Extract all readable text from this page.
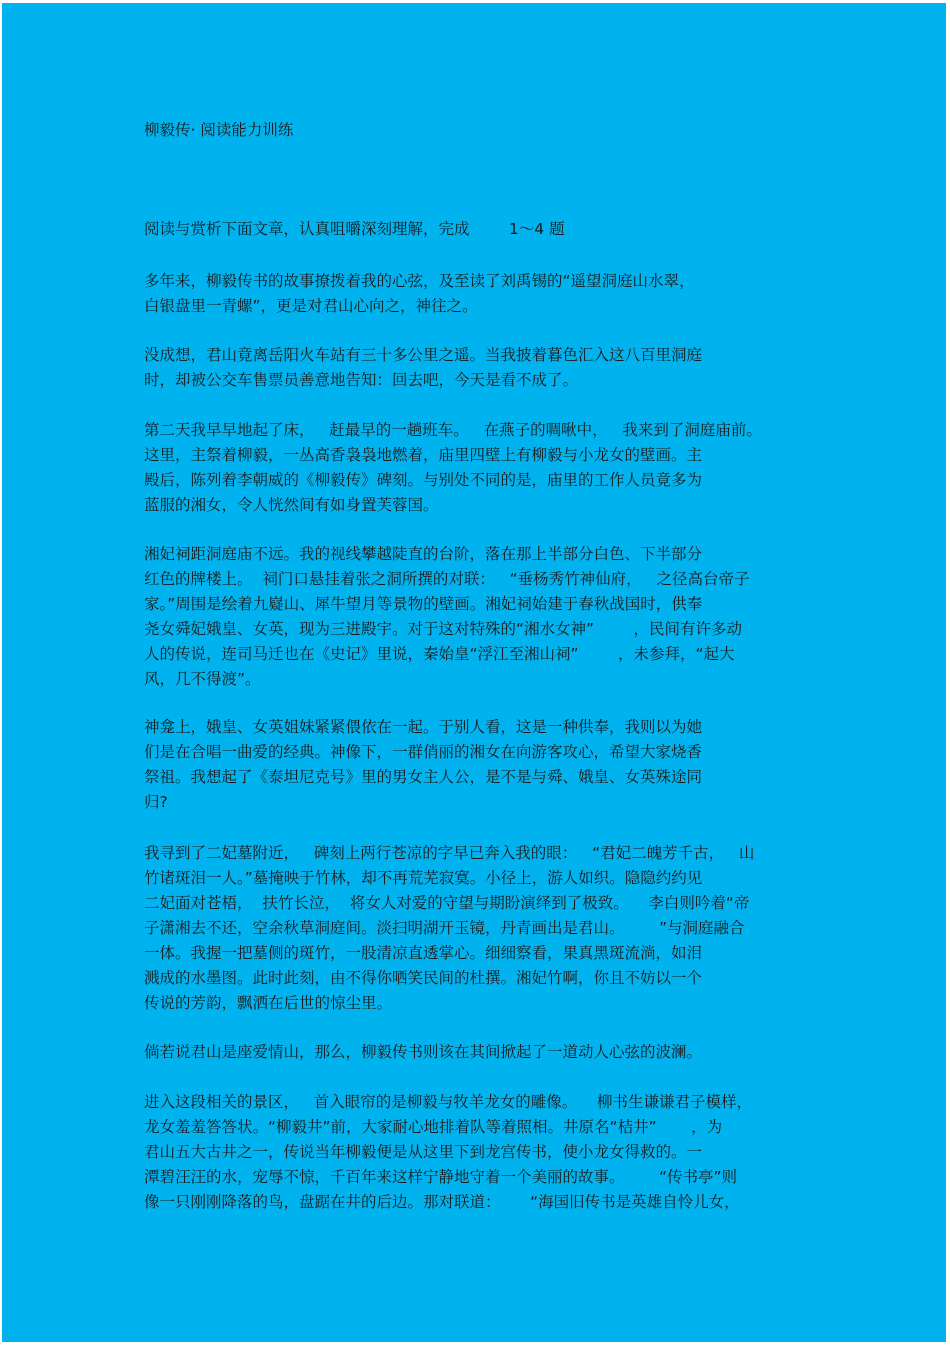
柳毅传· 阅读能力训练
阅读与赏析下面文章，认真咀嚼深刻理解，完成        1～4 题
多年来，柳毅传书的故事撩拨着我的心弦，及至读了刘禹锡的“遥望洞庭山水翠，
白银盘里一青螺”，更是对君山心向之，神往之。
没成想，君山竟离岳阳火车站有三十多公里之遥。当我披着暮色汇入这八百里洞庭
时，却被公交车售票员善意地告知：回去吧，今天是看不成了。
第二天我早早地起了床，   赶最早的一趟班车。   在燕子的啁啾中，   我来到了洞庭庙前。
这里，主祭着柳毅，一丛高香袅袅地燃着，庙里四壁上有柳毅与小龙女的壁画。主
殿后，陈列着李朝威的《柳毅传》碑刻。与别处不同的是，庙里的工作人员竟多为
蓝服的湘女，令人恍然间有如身置芙蓉国。
湘妃祠距洞庭庙不远。我的视线攀越陡直的台阶，落在那上半部分白色、下半部分
红色的牌楼上。  祠门口悬挂着张之洞所撰的对联：   “垂杨秀竹神仙府，   之径高台帝子
家。”周围是绘着九嶷山、犀牛望月等景物的壁画。湘妃祠始建于春秋战国时，供奉
尧女舜妃娥皇、女英，现为三进殿宇。对于这对特殊的“湘水女神”        ，民间有许多动
人的传说，连司马迁也在《史记》里说，秦始皇“浮江至湘山祠”        ，未参拜，“起大
风，几不得渡”。
神龛上，娥皇、女英姐妹紧紧偎依在一起。于别人看，这是一种供奉，我则以为她
们是在合唱一曲爱的经典。神像下，一群俏丽的湘女在向游客攻心，希望大家烧香
祭祖。我想起了《泰坦尼克号》里的男女主人公，是不是与舜、娥皇、女英殊途同
归?
我寻到了二妃墓附近，   碑刻上两行苍凉的字早已奔入我的眼：   “君妃二魄芳千古，   山
竹诸斑泪一人。”墓掩映于竹林，却不再荒芜寂寞。小径上，游人如织。隐隐约约见
二妃面对苍梧，  扶竹长泣，  将女人对爱的守望与期盼演绎到了极致。    李白则吟着“帝
子潇湘去不还，空余秋草洞庭间。淡扫明湖开玉镜，丹青画出是君山。       ”与洞庭融合
一体。我握一把墓侧的斑竹，一股清凉直透掌心。细细察看，果真黑斑流淌，如泪
溅成的水墨图。此时此刻，由不得你哂笑民间的杜撰。湘妃竹啊，你且不妨以一个
传说的芳韵，飘洒在后世的惊尘里。
倘若说君山是座爱情山，那么，柳毅传书则该在其间掀起了一道动人心弦的波澜。
进入这段相关的景区，   首入眼帘的是柳毅与牧羊龙女的雕像。    柳书生谦谦君子模样，
龙女羞羞答答状。“柳毅井”前，大家耐心地排着队等着照相。井原名“桔井”       ，为
君山五大古井之一，传说当年柳毅便是从这里下到龙宫传书，使小龙女得救的。一
潭碧汪汪的水，宠辱不惊，千百年来这样宁静地守着一个美丽的故事。       “传书亭”则
像一只刚刚降落的鸟，盘踞在井的后边。那对联道：      “海国旧传书是英雄自怜儿女，
